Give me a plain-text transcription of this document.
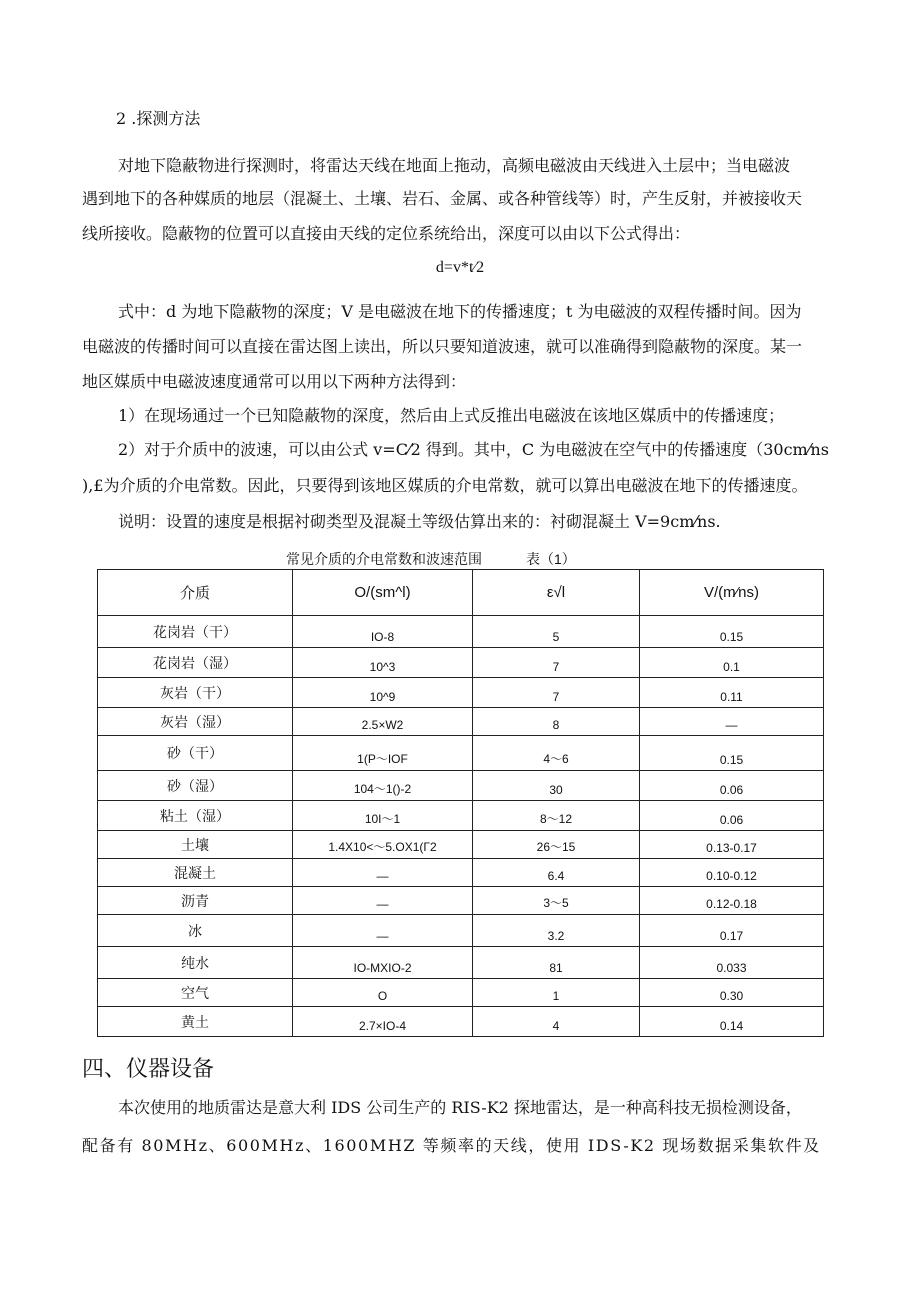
2 .探测方法
对地下隐蔽物进行探测时，将雷达天线在地面上拖动，高频电磁波由天线进入土层中；当电磁波
遇到地下的各种媒质的地层（混凝土、土壤、岩石、金属、或各种管线等）时，产生反射，并被接收天
线所接收。隐蔽物的位置可以直接由天线的定位系统给出，深度可以由以下公式得出：
d=v*t⁄2
式中：d 为地下隐蔽物的深度；V 是电磁波在地下的传播速度；t 为电磁波的双程传播时间。因为
电磁波的传播时间可以直接在雷达图上读出，所以只要知道波速，就可以准确得到隐蔽物的深度。某一
地区媒质中电磁波速度通常可以用以下两种方法得到：
1）在现场通过一个已知隐蔽物的深度，然后由上式反推出电磁波在该地区媒质中的传播速度；
2）对于介质中的波速，可以由公式 v=C⁄2 得到。其中，C 为电磁波在空气中的传播速度（30cm⁄ns
),£为介质的介电常数。因此，只要得到该地区媒质的介电常数，就可以算出电磁波在地下的传播速度。
说明：设置的速度是根据衬砌类型及混凝土等级估算出来的：衬砌混凝土 V=9cm⁄ns.
常见介质的介电常数和波速范围	表（1）
介质	O/(sm^l)	ε√l	V/(m⁄ns)
花岗岩（干）	IO-8	5	0.15
花岗岩（湿）	10^3	7	0.1
灰岩（干）	10^9	7	0.11
灰岩（湿）	2.5×W2	8	—
砂（干）	1(P～IOF	4～6	0.15
砂（湿）	104～1()-2	30	0.06
粘土（湿）	10I～1	8～12	0.06
土壤	1.4X10<～5.OX1(Γ2	26～15	0.13-0.17
混凝土	—	6.4	0.10-0.12
沥青	—	3～5	0.12-0.18
冰	—	3.2	0.17
纯水	IO-MXIO-2	81	0.033
空气	O	1	0.30
黄土	2.7×IO-4	4	0.14
四、仪器设备
本次使用的地质雷达是意大利 IDS 公司生产的 RIS-K2 探地雷达，是一种高科技无损检测设备，
配备有 80MHz、600MHz、1600MHZ 等频率的天线，使用 IDS-K2 现场数据采集软件及
